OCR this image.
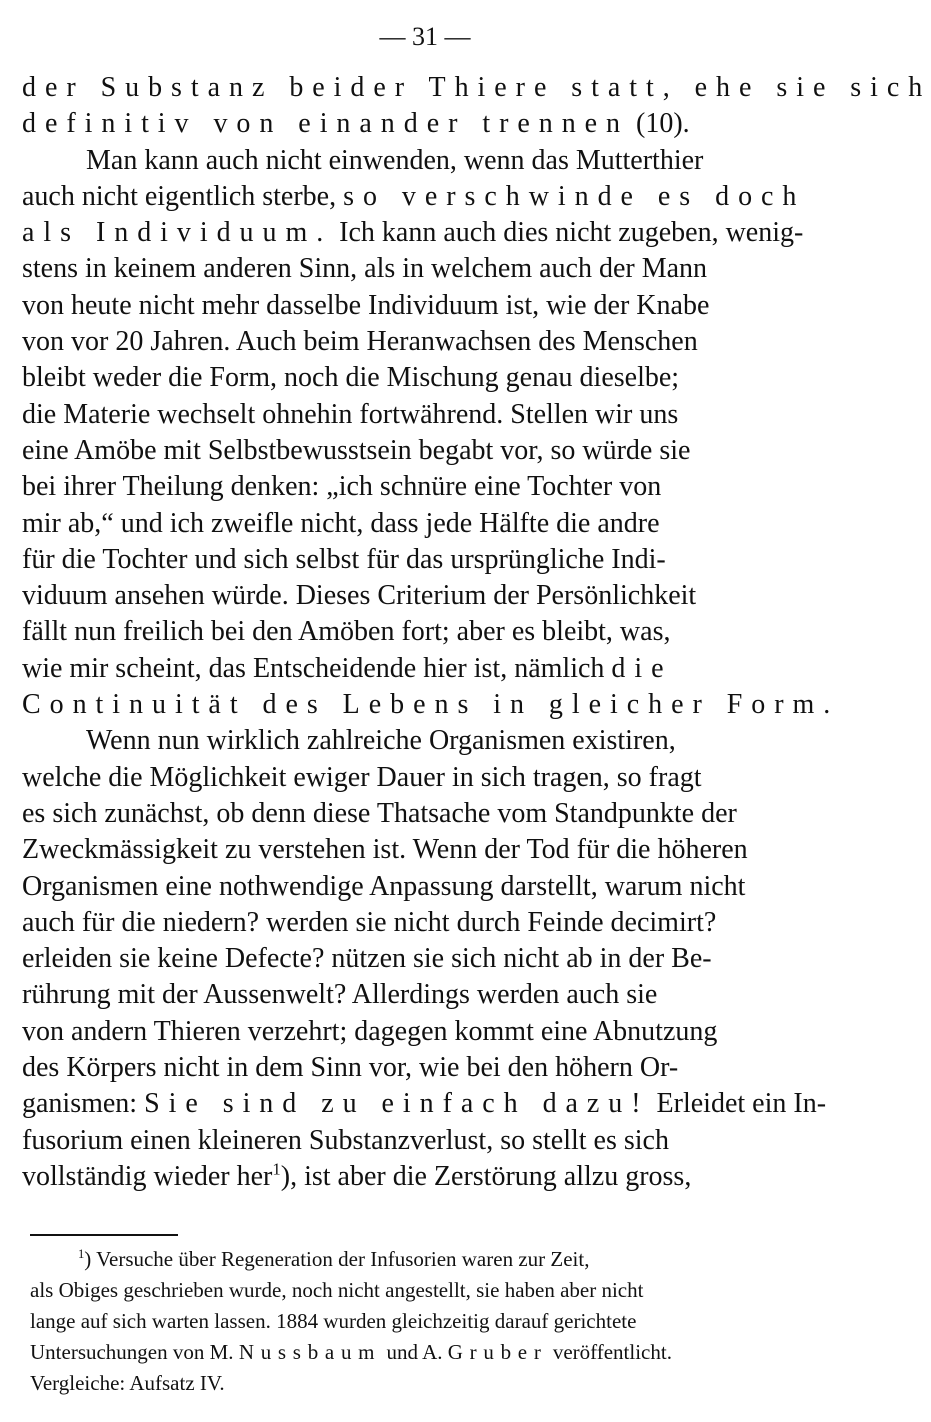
— 31 —
der Substanz beider Thiere statt, ehe sie sich
definitiv von einander trennen (10).
Man kann auch nicht einwenden, wenn das Mutterthier
auch nicht eigentlich sterbe, so verschwinde es doch
als Individuum. Ich kann auch dies nicht zugeben, wenig-
stens in keinem anderen Sinn, als in welchem auch der Mann
von heute nicht mehr dasselbe Individuum ist, wie der Knabe
von vor 20 Jahren. Auch beim Heranwachsen des Menschen
bleibt weder die Form, noch die Mischung genau dieselbe;
die Materie wechselt ohnehin fortwährend. Stellen wir uns
eine Amöbe mit Selbstbewusstsein begabt vor, so würde sie
bei ihrer Theilung denken: „ich schnüre eine Tochter von
mir ab,“ und ich zweifle nicht, dass jede Hälfte die andre
für die Tochter und sich selbst für das ursprüngliche Indi-
viduum ansehen würde. Dieses Criterium der Persönlichkeit
fällt nun freilich bei den Amöben fort; aber es bleibt, was,
wie mir scheint, das Entscheidende hier ist, nämlich die
Continuität des Lebens in gleicher Form.
Wenn nun wirklich zahlreiche Organismen existiren,
welche die Möglichkeit ewiger Dauer in sich tragen, so fragt
es sich zunächst, ob denn diese Thatsache vom Standpunkte der
Zweckmässigkeit zu verstehen ist. Wenn der Tod für die höheren
Organismen eine nothwendige Anpassung darstellt, warum nicht
auch für die niedern? werden sie nicht durch Feinde decimirt?
erleiden sie keine Defecte? nützen sie sich nicht ab in der Be-
rührung mit der Aussenwelt? Allerdings werden auch sie
von andern Thieren verzehrt; dagegen kommt eine Abnutzung
des Körpers nicht in dem Sinn vor, wie bei den höhern Or-
ganismen: Sie sind zu einfach dazu! Erleidet ein In-
fusorium einen kleineren Substanzverlust, so stellt es sich
vollständig wieder her$^1$), ist aber die Zerstörung allzu gross,
$^1$) Versuche über Regeneration der Infusorien waren zur Zeit,
als Obiges geschrieben wurde, noch nicht angestellt, sie haben aber nicht
lange auf sich warten lassen. 1884 wurden gleichzeitig darauf gerichtete
Untersuchungen von M. Nussbaum und A. Gruber veröffentlicht.
Vergleiche: Aufsatz IV.
